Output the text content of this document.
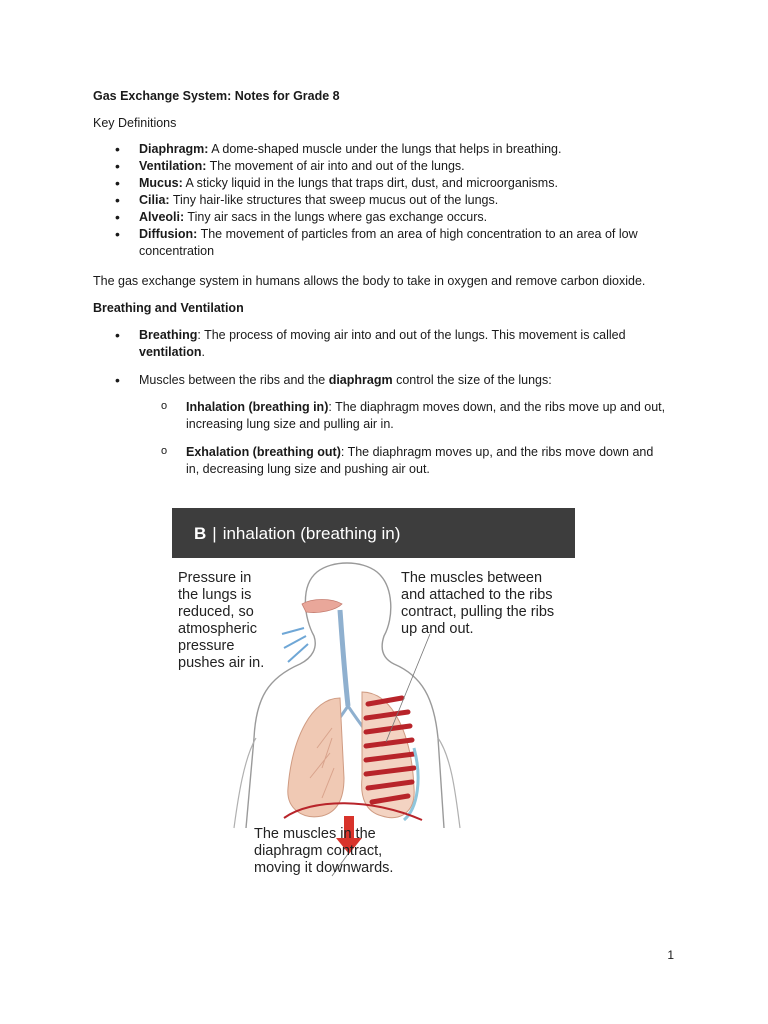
Gas Exchange System: Notes for Grade 8
Key Definitions
• Diaphragm: A dome-shaped muscle under the lungs that helps in breathing.
• Ventilation: The movement of air into and out of the lungs.
• Mucus: A sticky liquid in the lungs that traps dirt, dust, and microorganisms.
• Cilia: Tiny hair-like structures that sweep mucus out of the lungs.
• Alveoli: Tiny air sacs in the lungs where gas exchange occurs.
• Diffusion: The movement of particles from an area of high concentration to an area of low concentration
The gas exchange system in humans allows the body to take in oxygen and remove carbon dioxide.
Breathing and Ventilation
• Breathing: The process of moving air into and out of the lungs. This movement is called ventilation.
• Muscles between the ribs and the diaphragm control the size of the lungs:
o Inhalation (breathing in): The diaphragm moves down, and the ribs move up and out, increasing lung size and pulling air in.
o Exhalation (breathing out): The diaphragm moves up, and the ribs move down and in, decreasing lung size and pushing air out.
B | inhalation (breathing in)
Pressure in
the lungs is
reduced, so
atmospheric
pressure
pushes air in.
The muscles between
and attached to the ribs
contract, pulling the ribs
up and out.
The muscles in the
diaphragm contract,
moving it downwards.
1
